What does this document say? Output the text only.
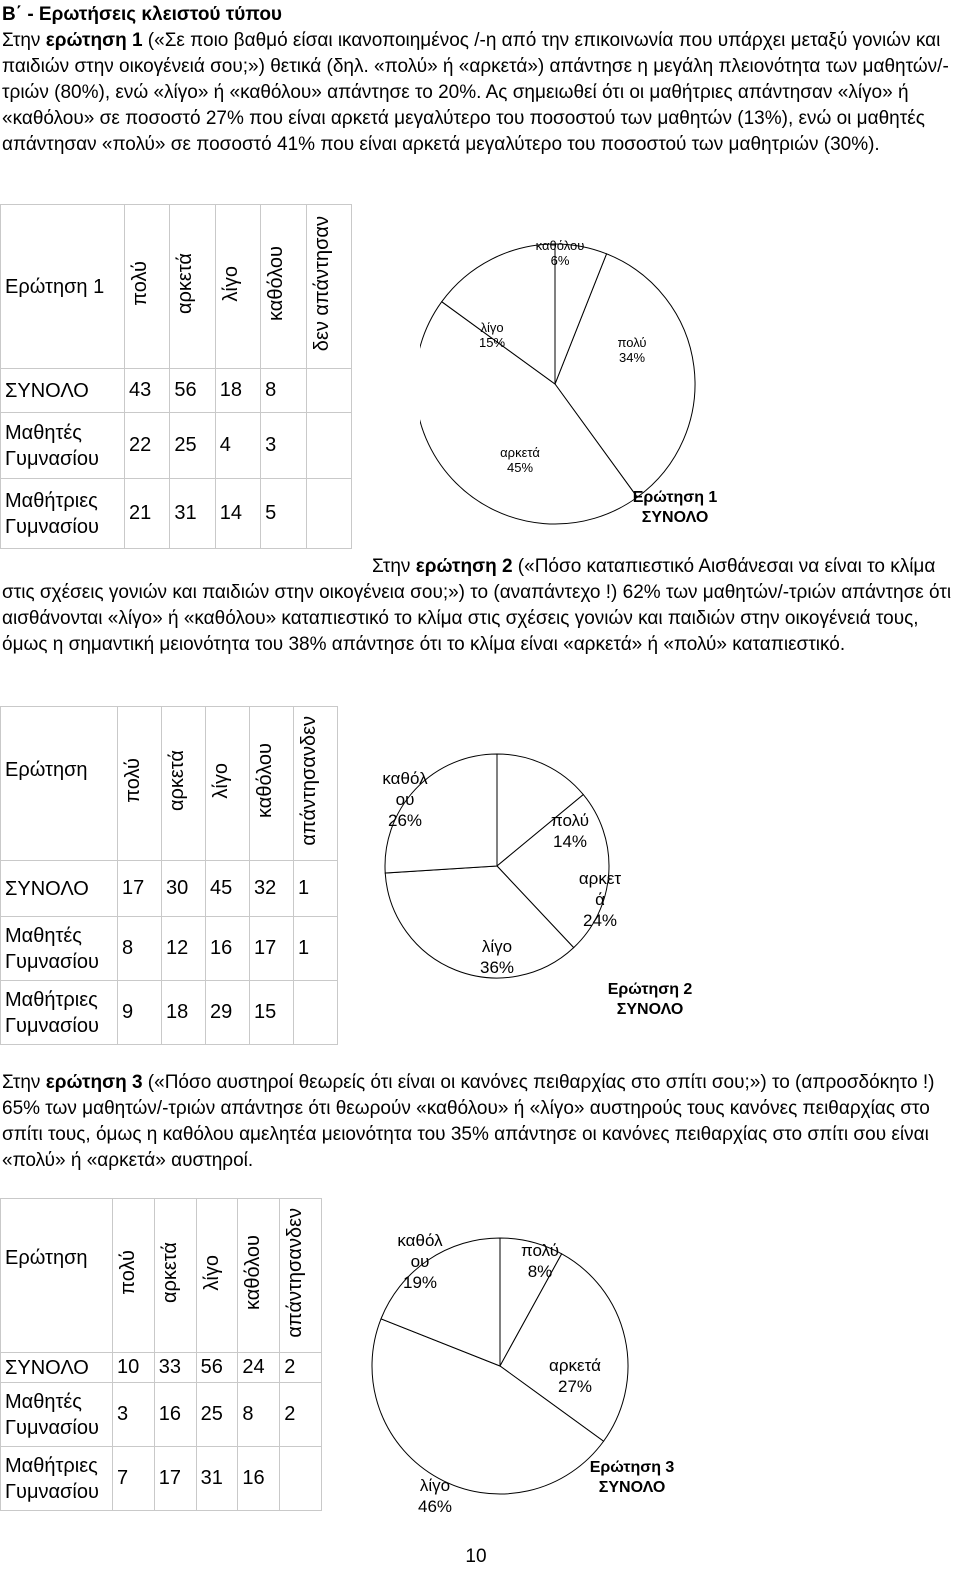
Β΄ - Ερωτήσεις κλειστού τύπου
Στην ερώτηση 1 («Σε ποιο βαθμό είσαι ικανοποιημένος /-η από την επικοινωνία που υπάρχει μεταξύ γονιών και παιδιών στην οικογένειά σου;») θετικά (δηλ. «πολύ» ή «αρκετά») απάντησε η μεγάλη πλειονότητα των μαθητών/-τριών (80%), ενώ «λίγο» ή «καθόλου» απάντησε το 20%. Ας σημειωθεί ότι οι μαθήτριες απάντησαν «λίγο» ή «καθόλου» σε ποσοστό 27% που είναι αρκετά μεγαλύτερο του ποσοστού των μαθητών (13%), ενώ οι μαθητές απάντησαν «πολύ» σε ποσοστό 41% που είναι αρκετά μεγαλύτερο του ποσοστού των μαθητριών (30%).
Ερώτηση 1	πολύ	αρκετά	λίγο	καθόλου	δεν απάντησαν
ΣΥΝΟΛΟ	43	56	18	8	
Μαθητές Γυμνασίου	22	25	4	3	
Μαθήτριες Γυμνασίου	21	31	14	5	
πολύ 34%
αρκετά 45%
λίγο 15%
καθόλου 6%
Ερώτηση 1 ΣΥΝΟΛΟ
Στην ερώτηση 2 («Πόσο καταπιεστικό Αισθάνεσαι να είναι το κλίμα στις σχέσεις γονιών και παιδιών στην οικογένεια σου;») το (αναπάντεχο !) 62% των μαθητών/-τριών απάντησε ότι αισθάνονται «λίγο» ή «καθόλου» καταπιεστικό το κλίμα στις σχέσεις γονιών και παιδιών στην οικογένειά τους, όμως η σημαντική μειονότητα του 38% απάντησε ότι το κλίμα είναι «αρκετά» ή «πολύ» καταπιεστικό.
Ερώτηση	πολύ	αρκετά	λίγο	καθόλου	απάντησανδεν
ΣΥΝΟΛΟ	17	30	45	32	1
Μαθητές Γυμνασίου	8	12	16	17	1
Μαθήτριες Γυμνασίου	9	18	29	15	
πολύ 14%
αρκετ ά 24%
λίγο 36%
καθόλ ου 26%
Ερώτηση 2 ΣΥΝΟΛΟ
Στην ερώτηση 3 («Πόσο αυστηροί θεωρείς ότι είναι οι κανόνες πειθαρχίας στο σπίτι σου;») το (απροσδόκητο !) 65% των μαθητών/-τριών απάντησε ότι θεωρούν «καθόλου» ή «λίγο» αυστηρούς τους κανόνες πειθαρχίας στο σπίτι τους, όμως η καθόλου αμελητέα μειονότητα του 35% απάντησε οι κανόνες πειθαρχίας στο σπίτι σου είναι «πολύ» ή «αρκετά» αυστηροί.
Ερώτηση	πολύ	αρκετά	λίγο	καθόλου	απάντησανδεν
ΣΥΝΟΛΟ	10	33	56	24	2
Μαθητές Γυμνασίου	3	16	25	8	2
Μαθήτριες Γυμνασίου	7	17	31	16	
πολύ 8%
αρκετά 27%
λίγο 46%
καθόλ ου 19%
Ερώτηση 3 ΣΥΝΟΛΟ
10
